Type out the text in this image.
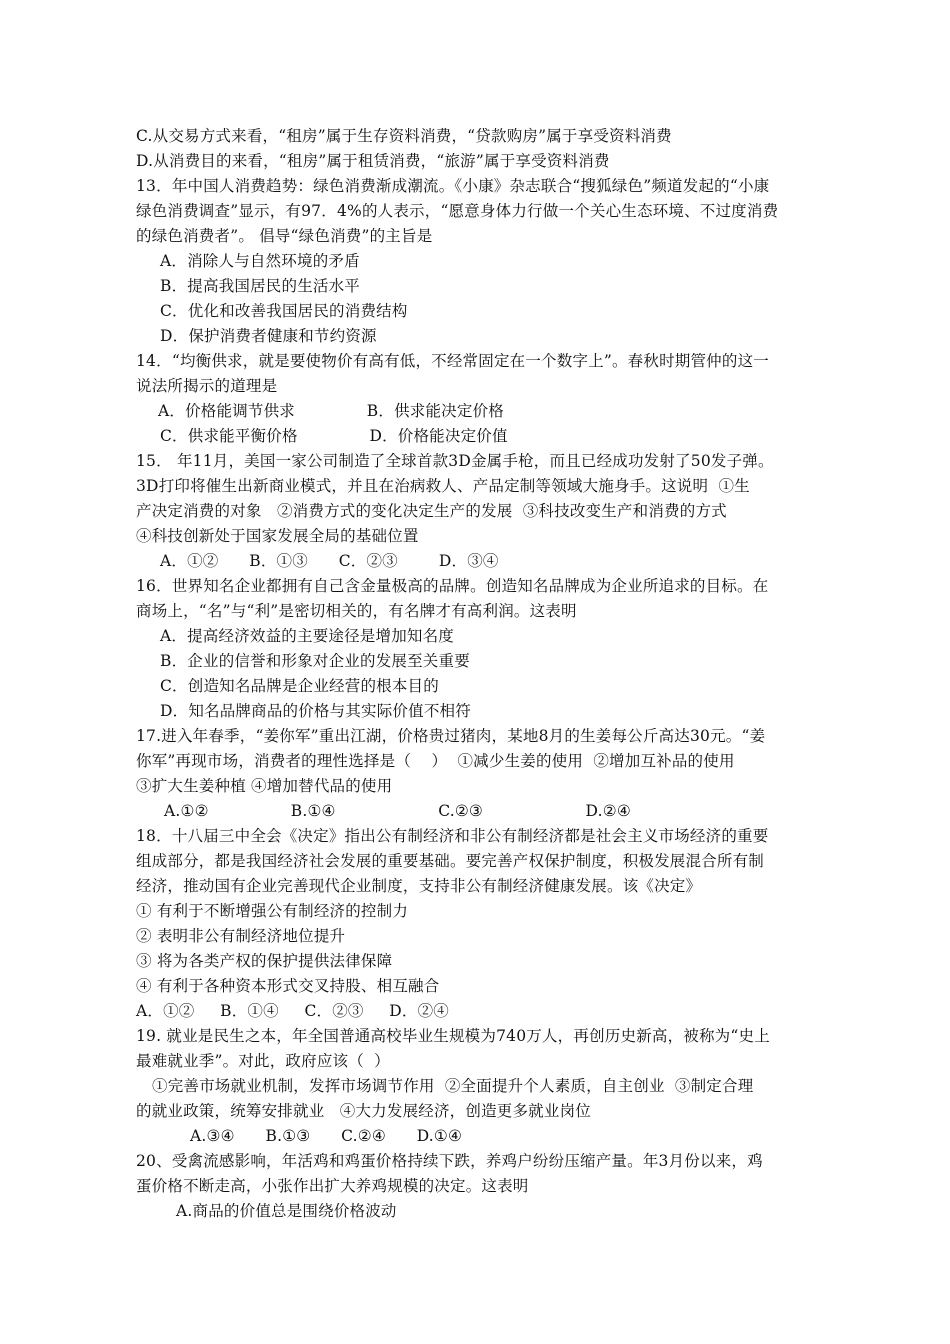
C.从交易方式来看，“租房”属于生存资料消费，“贷款购房”属于享受资料消费
D.从消费目的来看，“租房”属于租赁消费，“旅游”属于享受资料消费
13．年中国人消费趋势：绿色消费渐成潮流。《小康》杂志联合“搜狐绿色”频道发起的“小康
绿色消费调查”显示，有97．4%的人表示，“愿意身体力行做一个关心生态环境、不过度消费
的绿色消费者”。 倡导“绿色消费”的主旨是
A．消除人与自然环境的矛盾
B．提高我国居民的生活水平
C．优化和改善我国居民的消费结构
D．保护消费者健康和节约资源
14．“均衡供求，就是要使物价有高有低，不经常固定在一个数字上”。春秋时期管仲的这一
说法所揭示的道理是
A．价格能调节供求              B．供求能决定价格
C．供求能平衡价格              D．价格能决定价值
15． 年11月，美国一家公司制造了全球首款3D金属手枪，而且已经成功发射了50发子弹。
3D打印将催生出新商业模式，并且在治病救人、产品定制等领域大施身手。这说明  ①生
产决定消费的对象   ②消费方式的变化决定生产的发展  ③科技改变生产和消费的方式
④科技创新处于国家发展全局的基础位置
A．①②      B．①③      C．②③        D．③④
16．世界知名企业都拥有自己含金量极高的品牌。创造知名品牌成为企业所追求的目标。在
商场上，“名”与“利”是密切相关的，有名牌才有高利润。这表明
A．提高经济效益的主要途径是增加知名度
B．企业的信誉和形象对企业的发展至关重要
C．创造知名品牌是企业经营的根本目的
D．知名品牌商品的价格与其实际价值不相符
17.进入年春季，“姜你军”重出江湖，价格贵过猪肉，某地8月的生姜每公斤高达30元。“姜
你军”再现市场，消费者的理性选择是（    ）  ①减少生姜的使用  ②增加互补品的使用
③扩大生姜种植 ④增加替代品的使用
A.①②                B.①④                    C.②③                    D.②④
18．十八届三中全会《决定》指出公有制经济和非公有制经济都是社会主义市场经济的重要
组成部分，都是我国经济社会发展的重要基础。要完善产权保护制度，积极发展混合所有制
经济，推动国有企业完善现代企业制度，支持非公有制经济健康发展。该《决定》
① 有利于不断增强公有制经济的控制力
② 表明非公有制经济地位提升
③ 将为各类产权的保护提供法律保障
④ 有利于各种资本形式交叉持股、相互融合
A．①②     B．①④     C．②③     D．②④
19. 就业是民生之本，年全国普通高校毕业生规模为740万人，再创历史新高，被称为“史上
最难就业季”。对此，政府应该（  ）
①完善市场就业机制，发挥市场调节作用  ②全面提升个人素质，自主创业  ③制定合理
的就业政策，统筹安排就业   ④大力发展经济，创造更多就业岗位
A.③④      B.①③      C.②④      D.①④
20、受禽流感影响，年活鸡和鸡蛋价格持续下跌，养鸡户纷纷压缩产量。年3月份以来，鸡
蛋价格不断走高，小张作出扩大养鸡规模的决定。这表明
A.商品的价值总是围绕价格波动
